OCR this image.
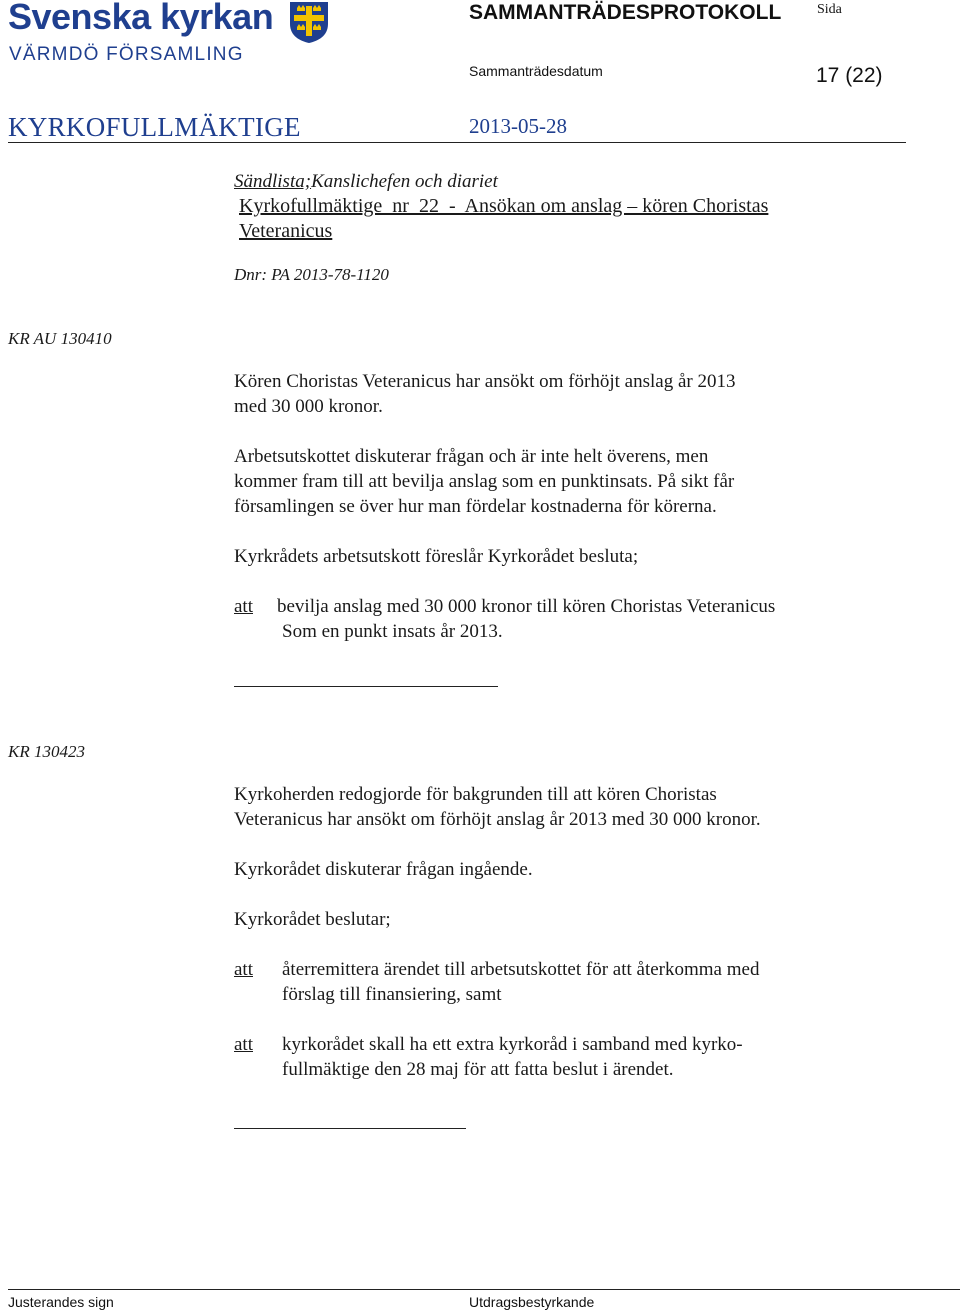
Svenska kyrkan
VÄRMDÖ FÖRSAMLING
SAMMANTRÄDESPROTOKOLL	Sida
Sammanträdesdatum	17 (22)
KYRKOFULLMÄKTIGE	2013-05-28
Sändlista;Kanslichefen och diariet
Kyrkofullmäktige  nr  22  -  Ansökan om anslag – kören Choristas
Veteranicus
Dnr: PA 2013-78-1120
KR AU 130410
Kören Choristas Veteranicus har ansökt om förhöjt anslag år 2013
med 30 000 kronor.
Arbetsutskottet diskuterar frågan och är inte helt överens, men
kommer fram till att bevilja anslag som en punktinsats. På sikt får
församlingen se över hur man fördelar kostnaderna för körerna.
Kyrkrådets arbetsutskott föreslår Kyrkorådet besluta;
att bevilja anslag med 30 000 kronor till kören Choristas Veteranicus
Som en punkt insats år 2013.
KR 130423
Kyrkoherden redogjorde för bakgrunden till att kören Choristas
Veteranicus har ansökt om förhöjt anslag år 2013 med 30 000 kronor.
Kyrkorådet diskuterar frågan ingående.
Kyrkorådet beslutar;
att återremittera ärendet till arbetsutskottet för att återkomma med
förslag till finansiering, samt
att kyrkorådet skall ha ett extra kyrkoråd i samband med kyrko-
fullmäktige den 28 maj för att fatta beslut i ärendet.
Justerandes sign	Utdragsbestyrkande
